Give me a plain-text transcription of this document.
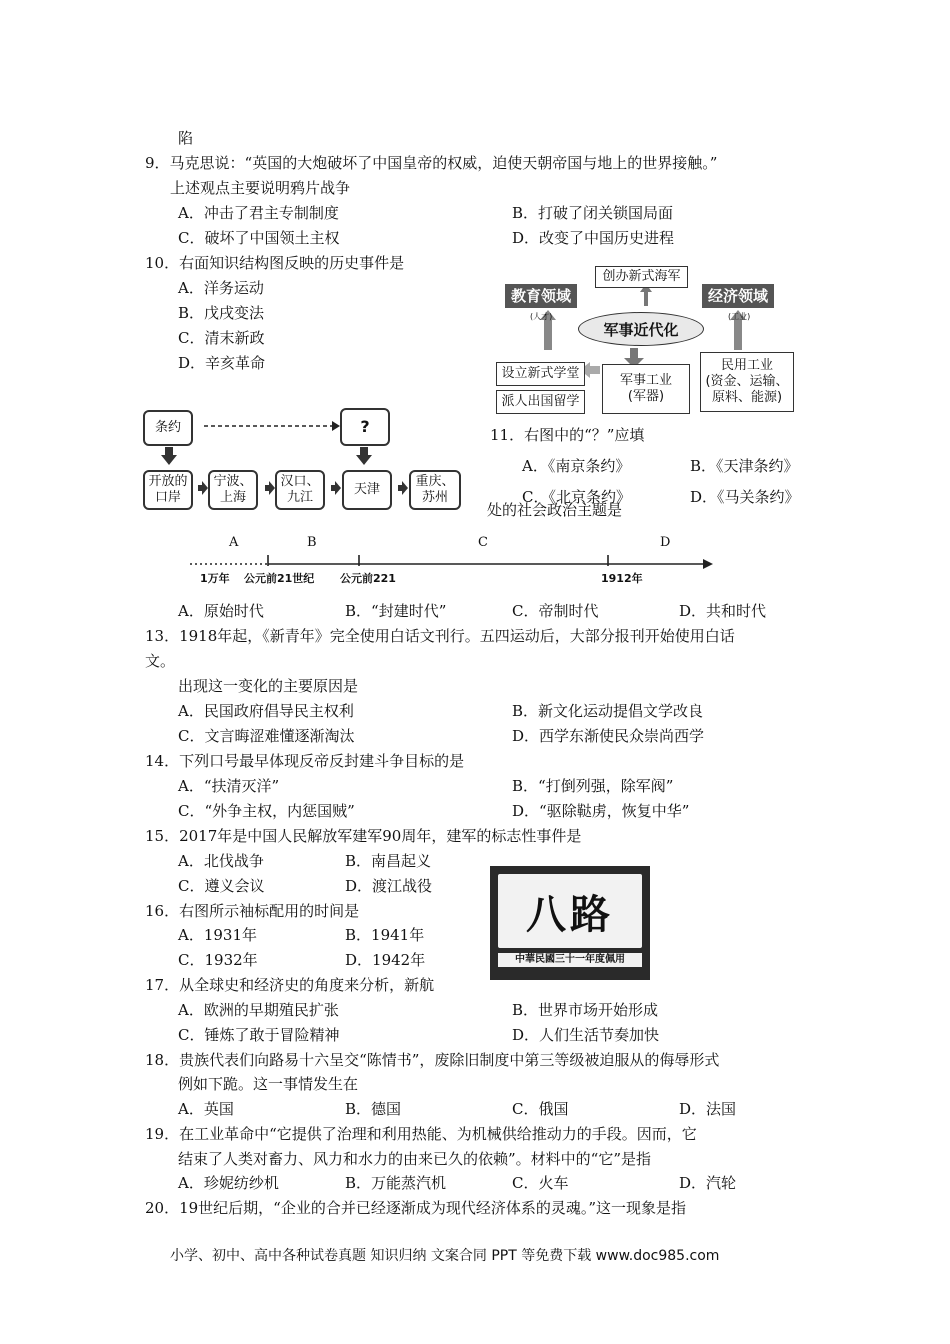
陷
9．马克思说：“英国的大炮破坏了中国皇帝的权威，迫使天朝帝国与地上的世界接触。”
上述观点主要说明鸦片战争
A．冲击了君主专制制度	B．打破了闭关锁国局面
C．破坏了中国领土主权	D．改变了中国历史进程
10．右面知识结构图反映的历史事件是
A．洋务运动
B．戊戌变法
C．清末新政
D．辛亥革命
创办新式海军
教育领域	经济领域
(人才)	(工业)
军事近代化
设立新式学堂
派人出国留学
军事工业
(军器)
民用工业
(资金、运输、
原料、能源)
条约	?
开放的
口岸
宁波、
上海
汉口、
九江
天津
重庆、
苏州
11．右图中的“？”应填
A．《南京条约》	B．《天津条约》
C．《北京条约》	D．《马关条约》
处的社会政治主题是
A	B	C	D
1万年 公元前21世纪 公元前221	1912年
A．原始时代	B．“封建时代”	C．帝制时代	D．共和时代
13．1918年起，《新青年》完全使用白话文刊行。五四运动后，大部分报刊开始使用白话
文。
出现这一变化的主要原因是
A．民国政府倡导民主权利	B．新文化运动提倡文学改良
C．文言晦涩难懂逐渐淘汰	D．西学东渐使民众崇尚西学
14．下列口号最早体现反帝反封建斗争目标的是
A．“扶清灭洋”	B．“打倒列强，除军阀”
C．“外争主权，内惩国贼”	D．“驱除鞑虏，恢复中华”
15．2017年是中国人民解放军建军90周年，建军的标志性事件是
A．北伐战争	B．南昌起义
C．遵义会议	D．渡江战役
16．右图所示袖标配用的时间是
A．1931年	B．1941年
C．1932年	D．1942年
八路
中華民國三十一年度佩用
17．从全球史和经济史的角度来分析，新航
A．欧洲的早期殖民扩张	B．世界市场开始形成
C．锤炼了敢于冒险精神	D．人们生活节奏加快
18．贵族代表们向路易十六呈交“陈情书”，废除旧制度中第三等级被迫服从的侮辱形式
例如下跪。这一事情发生在
A．英国	B．德国	C．俄国	D．法国
19．在工业革命中“它提供了治理和利用热能、为机械供给推动力的手段。因而，它
结束了人类对畜力、风力和水力的由来已久的依赖”。材料中的“它”是指
A．珍妮纺纱机	B．万能蒸汽机	C．火车	D．汽轮
20．19世纪后期，“企业的合并已经逐渐成为现代经济体系的灵魂。”这一现象是指
小学、初中、高中各种试卷真题 知识归纳 文案合同 PPT 等免费下载 www.doc985.com
